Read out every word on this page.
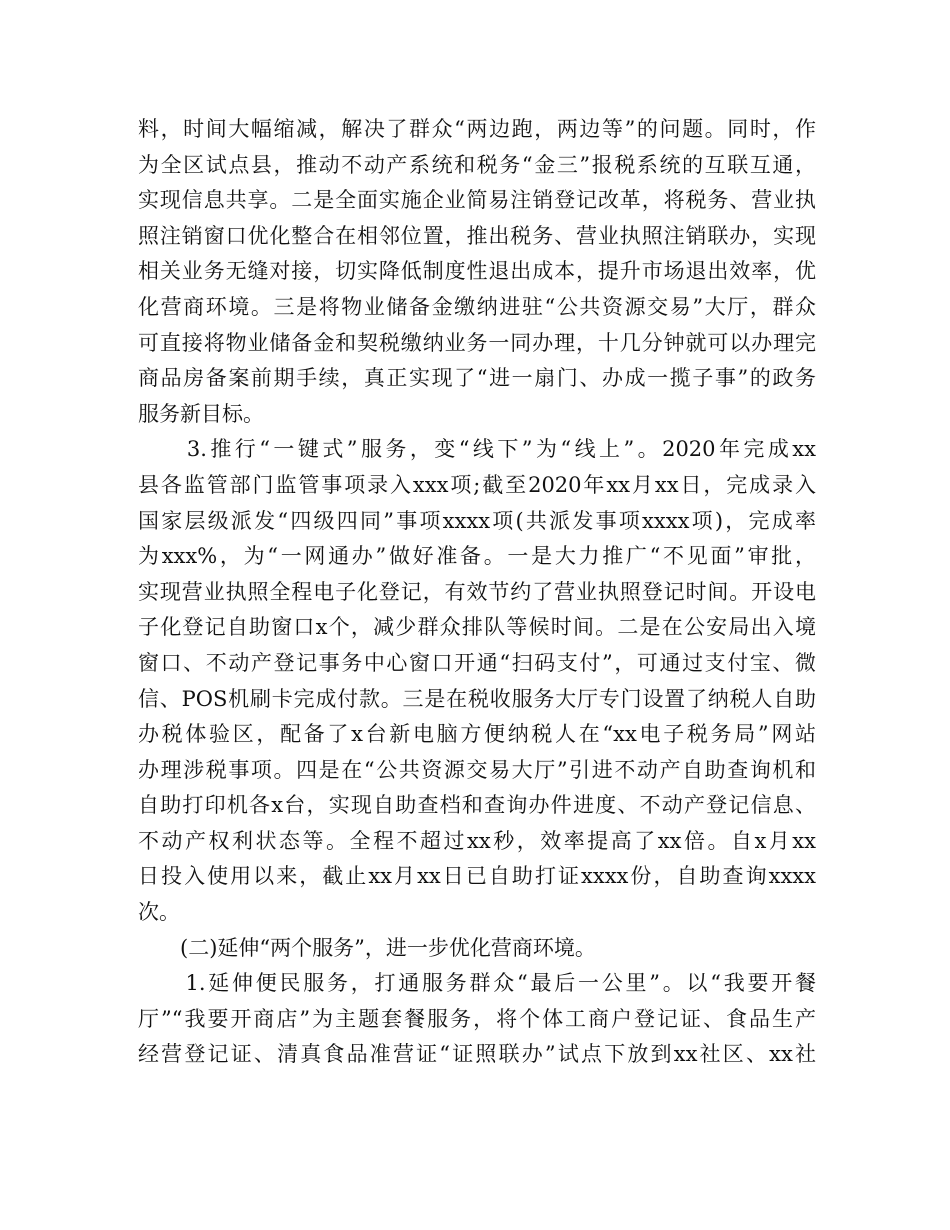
料，时间大幅缩减，解决了群众“两边跑，两边等”的问题。同时，作
为全区试点县，推动不动产系统和税务“金三”报税系统的互联互通，
实现信息共享。二是全面实施企业简易注销登记改革，将税务、营业执
照注销窗口优化整合在相邻位置，推出税务、营业执照注销联办，实现
相关业务无缝对接，切实降低制度性退出成本，提升市场退出效率，优
化营商环境。三是将物业储备金缴纳进驻“公共资源交易”大厅，群众
可直接将物业储备金和契税缴纳业务一同办理，十几分钟就可以办理完
商品房备案前期手续，真正实现了“进一扇门、办成一揽子事”的政务
服务新目标。
　　3.推行“一键式”服务，变“线下”为“线上”。2020年完成xx
县各监管部门监管事项录入xxx项;截至2020年xx月xx日，完成录入
国家层级派发“四级四同”事项xxxx项(共派发事项xxxx项)，完成率
为xxx%，为“一网通办”做好准备。一是大力推广“不见面”审批，
实现营业执照全程电子化登记，有效节约了营业执照登记时间。开设电
子化登记自助窗口x个，减少群众排队等候时间。二是在公安局出入境
窗口、不动产登记事务中心窗口开通“扫码支付”，可通过支付宝、微
信、POS机刷卡完成付款。三是在税收服务大厅专门设置了纳税人自助
办税体验区，配备了x台新电脑方便纳税人在“xx电子税务局”网站
办理涉税事项。四是在“公共资源交易大厅”引进不动产自助查询机和
自助打印机各x台，实现自助查档和查询办件进度、不动产登记信息、
不动产权利状态等。全程不超过xx秒，效率提高了xx倍。自x月xx
日投入使用以来，截止xx月xx日已自助打证xxxx份，自助查询xxxx
次。
　　(二)延伸“两个服务”，进一步优化营商环境。
　　1.延伸便民服务，打通服务群众“最后一公里”。以“我要开餐
厅”“我要开商店”为主题套餐服务，将个体工商户登记证、食品生产
经营登记证、清真食品准营证“证照联办”试点下放到xx社区、xx社
